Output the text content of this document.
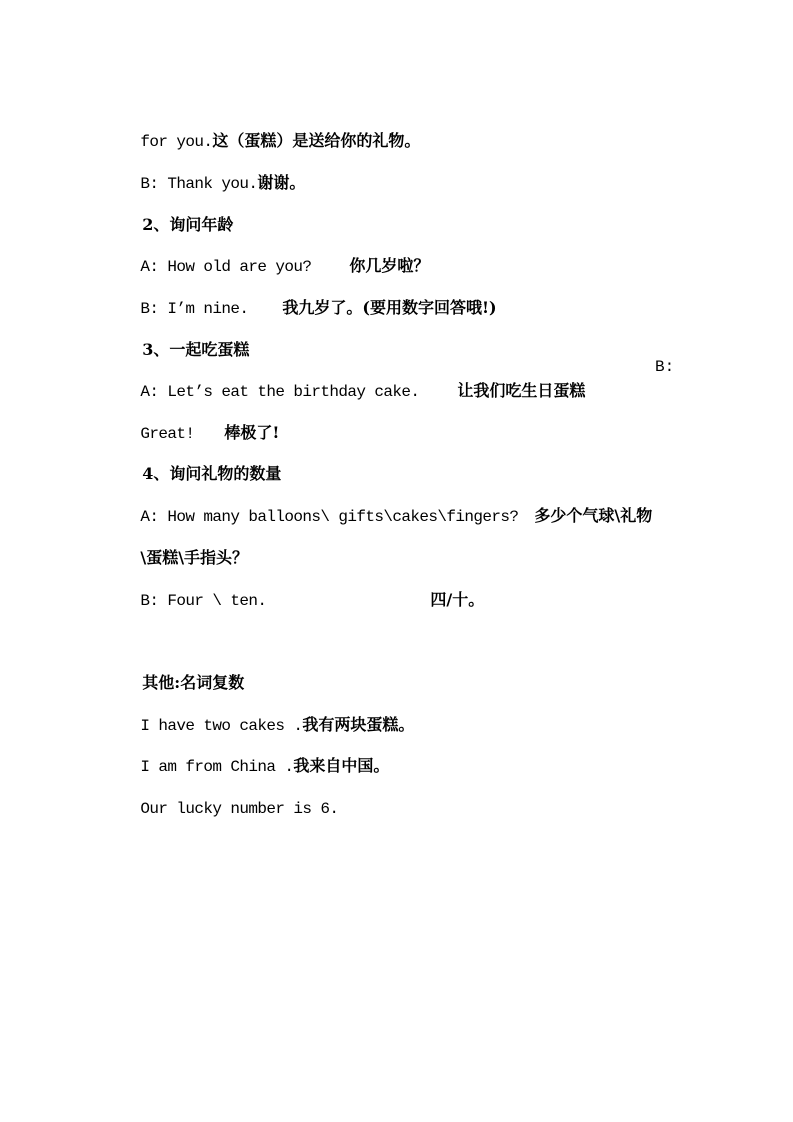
for you.这（蛋糕）是送给你的礼物。

B: Thank you.谢谢。

2、询问年龄

A: How old are you? 你几岁啦？

B: I’m nine. 我九岁了。(要用数字回答哦!)

3、一起吃蛋糕

A: Let’s eat the birthday cake. 让我们吃生日蛋糕

B:

Great! 棒极了!

4、询问礼物的数量

A: How many balloons\ gifts\cakes\fingers? 多少个气球\礼物

\蛋糕\手指头？

B: Four \ ten.	四/十。

其他:名词复数

I have two cakes .我有两块蛋糕。

I am from China .我来自中国。

Our lucky number is 6.
